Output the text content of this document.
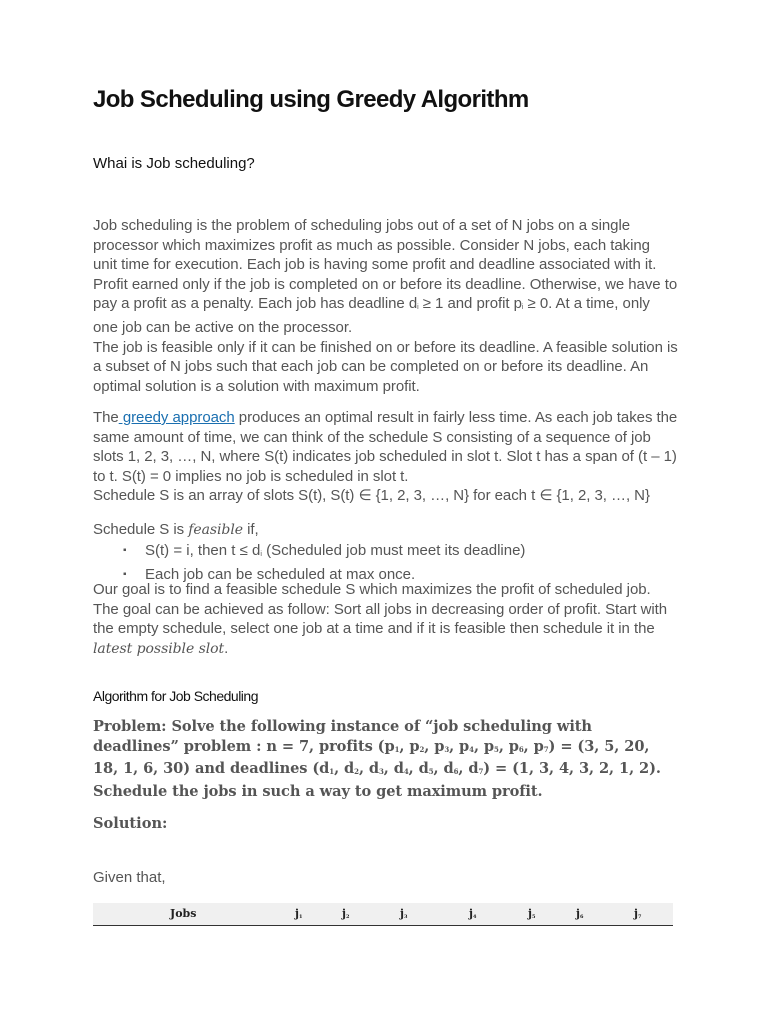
Job Scheduling using Greedy Algorithm
Whai is Job scheduling?

Job scheduling is the problem of scheduling jobs out of a set of N jobs on a single processor which maximizes profit as much as possible. Consider N jobs, each taking unit time for execution. Each job is having some profit and deadline associated with it. Profit earned only if the job is completed on or before its deadline. Otherwise, we have to pay a profit as a penalty. Each job has deadline $d_i \ge 1$ and profit $p_i \ge 0$. At a time, only one job can be active on the processor.

The job is feasible only if it can be finished on or before its deadline. A feasible solution is a subset of N jobs such that each job can be completed on or before its deadline. An optimal solution is a solution with maximum profit.

The greedy approach produces an optimal result in fairly less time. As each job takes the same amount of time, we can think of the schedule S consisting of a sequence of job slots 1, 2, 3, …, N, where S(t) indicates job scheduled in slot t. Slot t has a span of (t – 1) to t. S(t) = 0 implies no job is scheduled in slot t.

Schedule S is an array of slots S(t), S(t) ∈ {1, 2, 3, …, N} for each t ∈ {1, 2, 3, …, N}

Schedule S is feasible if,

▪ S(t) = i, then $t \le d_i$ (Scheduled job must meet its deadline)
▪ Each job can be scheduled at max once.

Our goal is to find a feasible schedule S which maximizes the profit of scheduled job. The goal can be achieved as follow: Sort all jobs in decreasing order of profit. Start with the empty schedule, select one job at a time and if it is feasible then schedule it in the latest possible slot.

Algorithm for Job Scheduling

Problem: Solve the following instance of “job scheduling with deadlines” problem : n = 7, profits ($p_1$, $p_2$, $p_3$, $p_4$, $p_5$, $p_6$, $p_7) = (3$, 5, 20, 18, 1, 6, 30) and deadlines ($d_1$, $d_2$, $d_3$, $d_4$, $d_5$, $d_6$, $d_7) = (1$, 3, 4, 3, 2, 1, 2). Schedule the jobs in such a way to get maximum profit.

Solution:
Given that,
Jobs	$j_1$	$j_2$	$j_3$	$j_4$	$j_5$	$j_6$	$j_7$
